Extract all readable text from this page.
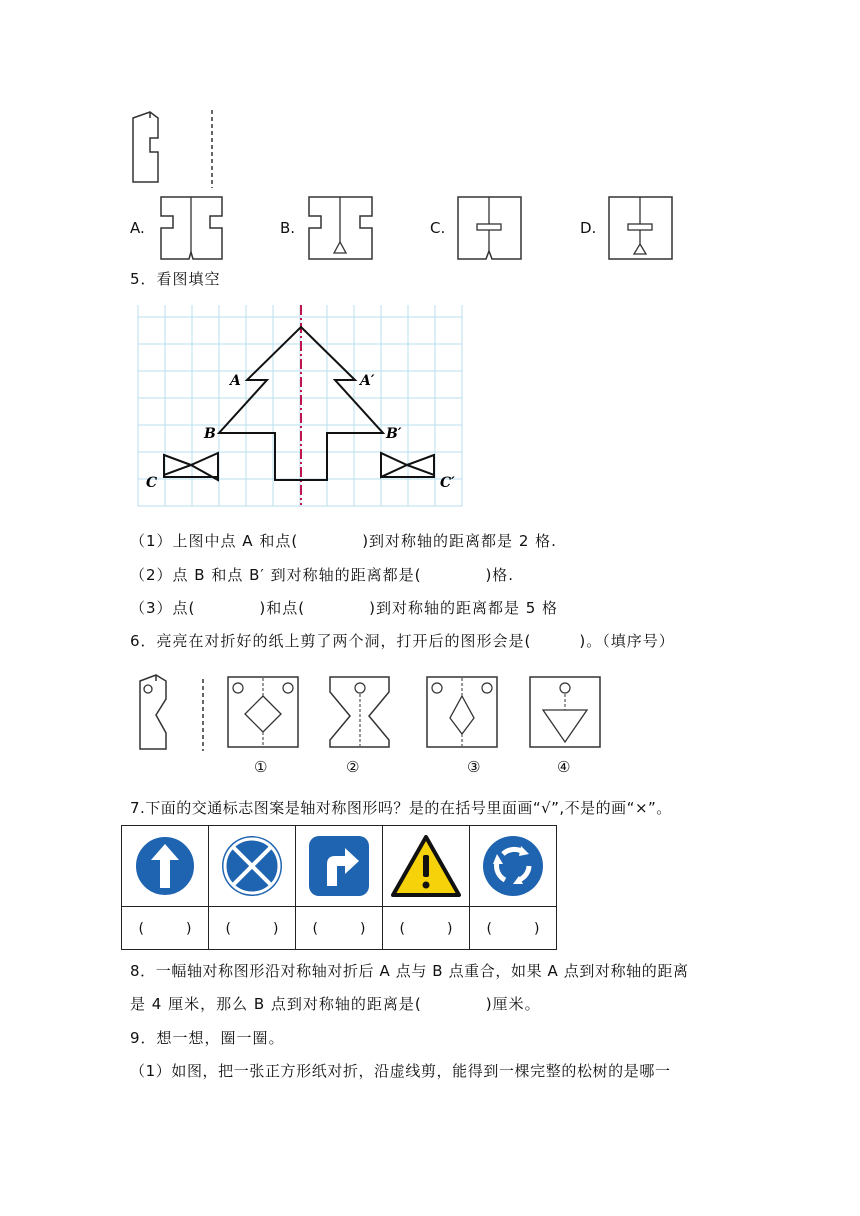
A.	B.	C.	D.
5．看图填空
A	A′
B	B′
C	C′
（1）上图中点 A 和点(　　　　)到对称轴的距离都是 2 格.
（2）点 B 和点 B′ 到对称轴的距离都是(　　　　)格.
（3）点(　　　　)和点(　　　　)到对称轴的距离都是 5 格
6．亮亮在对折好的纸上剪了两个洞，打开后的图形会是(　　　)。（填序号）
①	②	③	④
7.下面的交通标志图案是轴对称图形吗？是的在括号里面画“√”,不是的画“×”。

(　　　)	(　　　)	(　　　)	(　　　)	(　　　)
8．一幅轴对称图形沿对称轴对折后 A 点与 B 点重合，如果 A 点到对称轴的距离
是 4 厘米，那么 B 点到对称轴的距离是(　　　　)厘米。
9．想一想，圈一圈。
（1）如图，把一张正方形纸对折，沿虚线剪，能得到一棵完整的松树的是哪一
